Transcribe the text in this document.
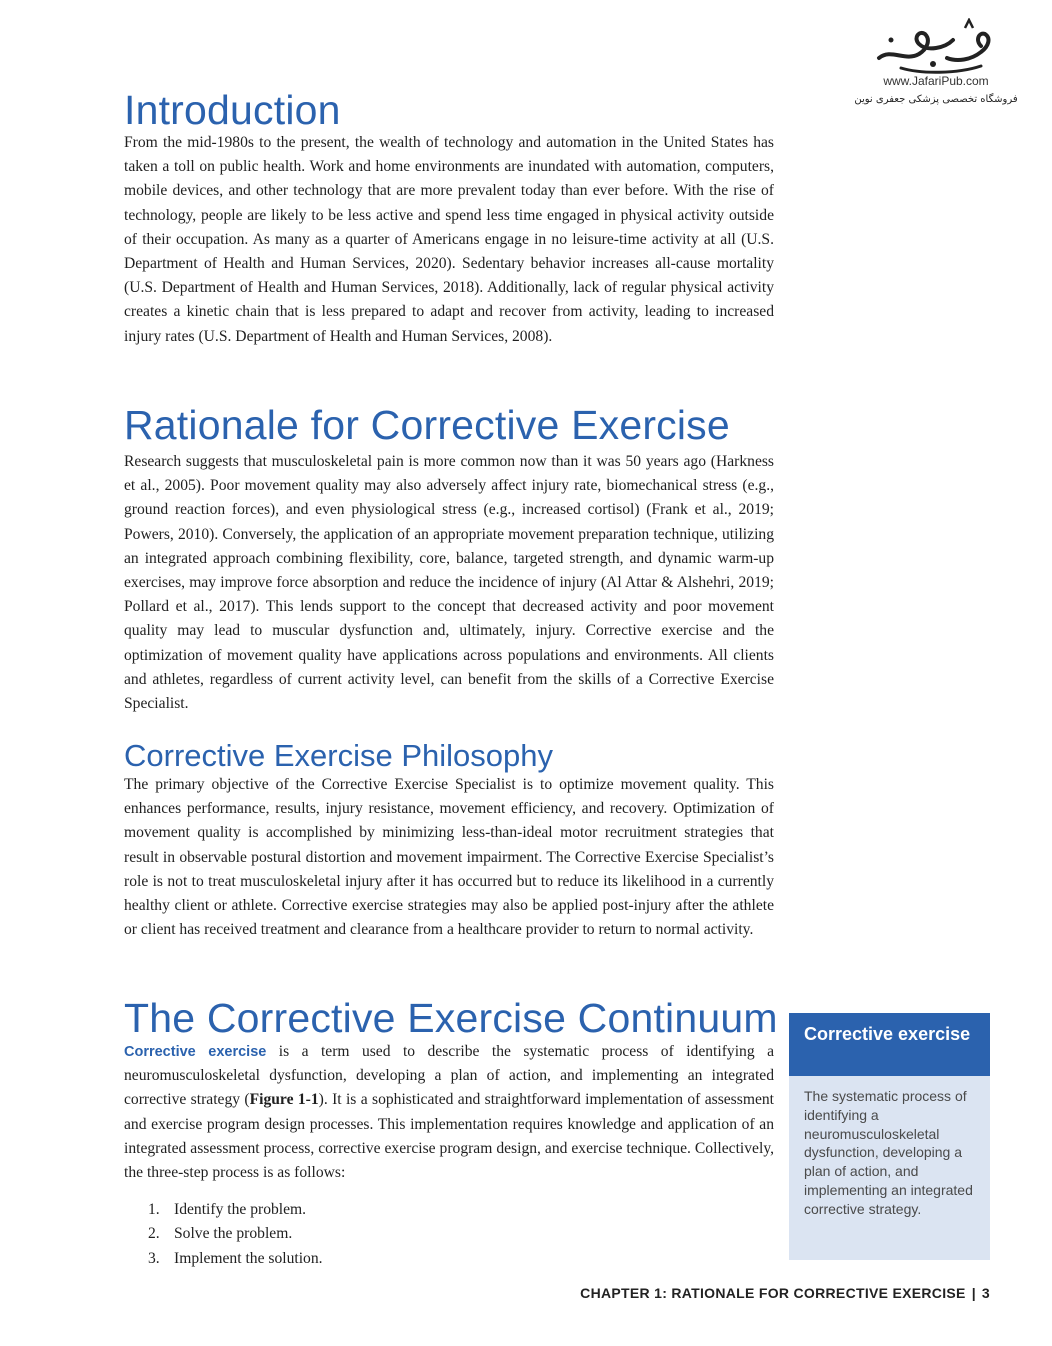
www.JafariPub.com
فروشگاه تخصصی پزشکی جعفری نوین
Introduction

From the mid-1980s to the present, the wealth of technology and automation in the United States has taken a toll on public health. Work and home environments are inundated with automation, computers, mobile devices, and other technology that are more prevalent today than ever before. With the rise of technology, people are likely to be less active and spend less time engaged in physical activity outside of their occupation. As many as a quarter of Americans engage in no leisure-time activity at all (U.S. Department of Health and Human Services, 2020). Sedentary behavior increases all-cause mortality (U.S. Department of Health and Human Services, 2018). Additionally, lack of regular physical activity creates a kinetic chain that is less prepared to adapt and recover from activity, leading to increased injury rates (U.S. Department of Health and Human Services, 2008).

Rationale for Corrective Exercise

Research suggests that musculoskeletal pain is more common now than it was 50 years ago (Harkness et al., 2005). Poor movement quality may also adversely affect injury rate, biomechanical stress (e.g., ground reaction forces), and even physiological stress (e.g., increased cortisol) (Frank et al., 2019; Powers, 2010). Conversely, the application of an appropriate movement preparation technique, utilizing an integrated approach combining flexibility, core, balance, targeted strength, and dynamic warm-up exercises, may improve force absorption and reduce the incidence of injury (Al Attar & Alshehri, 2019; Pollard et al., 2017). This lends support to the concept that decreased activity and poor movement quality may lead to muscular dysfunction and, ultimately, injury. Corrective exercise and the optimization of movement quality have applications across populations and environments. All clients and athletes, regardless of current activity level, can benefit from the skills of a Corrective Exercise Specialist.

Corrective Exercise Philosophy

The primary objective of the Corrective Exercise Specialist is to optimize movement quality. This enhances performance, results, injury resistance, movement efficiency, and recovery. Optimization of movement quality is accomplished by minimizing less-than-ideal motor recruitment strategies that result in observable postural distortion and movement impairment. The Corrective Exercise Specialist’s role is not to treat musculoskeletal injury after it has occurred but to reduce its likelihood in a currently healthy client or athlete. Corrective exercise strategies may also be applied post-injury after the athlete or client has received treatment and clearance from a healthcare provider to return to normal activity.

The Corrective Exercise Continuum

Corrective exercise is a term used to describe the systematic process of identifying a neuromusculoskeletal dysfunction, developing a plan of action, and implementing an integrated corrective strategy (Figure 1-1). It is a sophisticated and straightforward implementation of assessment and exercise program design processes. This implementation requires knowledge and application of an integrated assessment process, corrective exercise program design, and exercise technique. Collectively, the three-step process is as follows:

1. Identify the problem.
2. Solve the problem.
3. Implement the solution.
Corrective exercise
The systematic process of identifying a neuromusculoskeletal dysfunction, developing a plan of action, and implementing an integrated corrective strategy.
CHAPTER 1: RATIONALE FOR CORRECTIVE EXERCISE | 3
